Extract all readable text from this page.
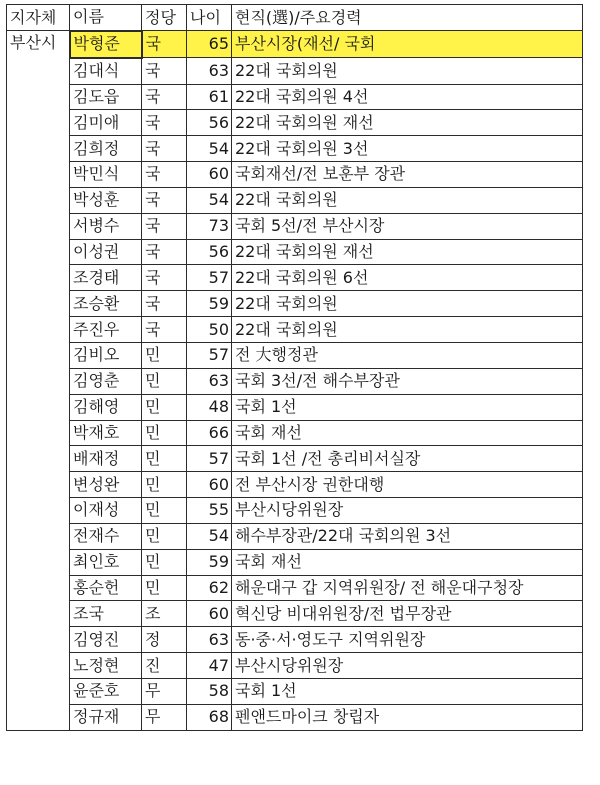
지자체	이름	정당	나이	현직(選)/주요경력
부산시	박형준	국	65	부산시장(재선/ 국회
	김대식	국	63	22대 국회의원
	김도읍	국	61	22대 국회의원 4선
	김미애	국	56	22대 국회의원 재선
	김희정	국	54	22대 국회의원 3선
	박민식	국	60	국회재선/전 보훈부 장관
	박성훈	국	54	22대 국회의원
	서병수	국	73	국회 5선/전 부산시장
	이성권	국	56	22대 국회의원 재선
	조경태	국	57	22대 국회의원 6선
	조승환	국	59	22대 국회의원
	주진우	국	50	22대 국회의원
	김비오	민	57	전 大행정관
	김영춘	민	63	국회 3선/전 해수부장관
	김해영	민	48	국회 1선
	박재호	민	66	국회 재선
	배재정	민	57	국회 1선 /전 총리비서실장
	변성완	민	60	전 부산시장 권한대행
	이재성	민	55	부산시당위원장
	전재수	민	54	해수부장관/22대 국회의원 3선
	최인호	민	59	국회 재선
	홍순헌	민	62	해운대구 갑 지역위원장/ 전 해운대구청장
	조국	조	60	혁신당 비대위원장/전 법무장관
	김영진	정	63	동·중·서·영도구 지역위원장
	노정현	진	47	부산시당위원장
	윤준호	무	58	국회 1선
	정규재	무	68	펜앤드마이크 창립자
